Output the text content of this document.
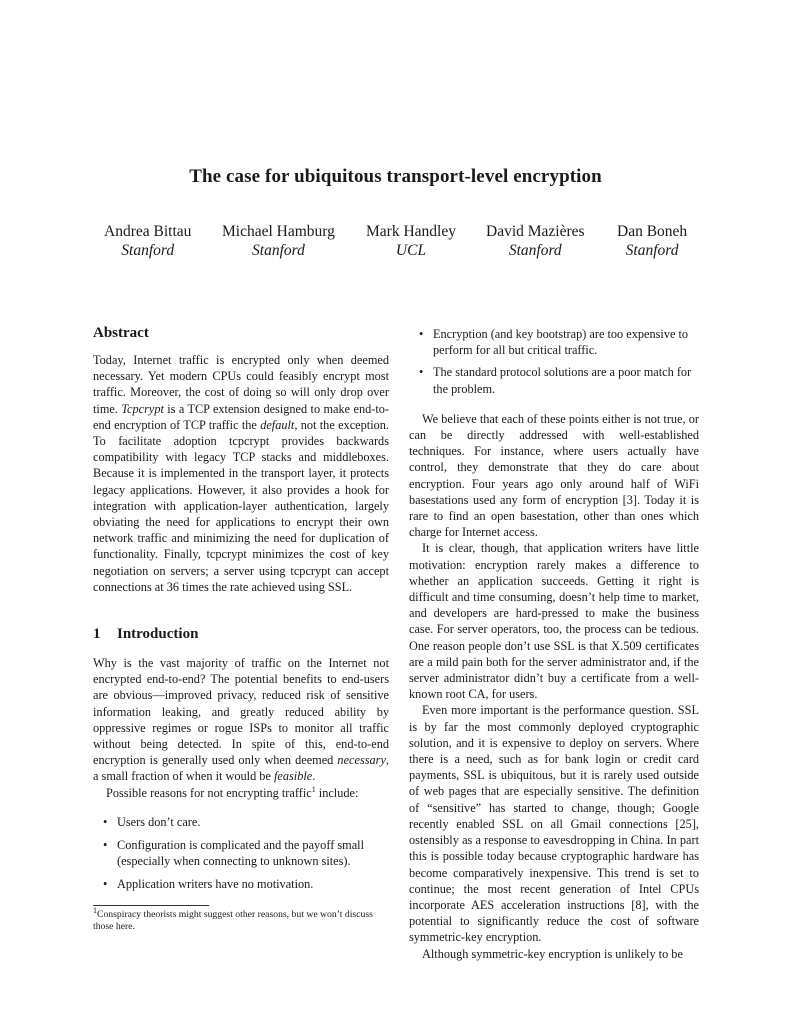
The case for ubiquitous transport-level encryption
Andrea Bittau
Stanford
Michael Hamburg
Stanford
Mark Handley
UCL
David Mazières
Stanford
Dan Boneh
Stanford
Abstract

Today, Internet traffic is encrypted only when deemed necessary. Yet modern CPUs could feasibly encrypt most traffic. Moreover, the cost of doing so will only drop over time. Tcpcrypt is a TCP extension designed to make end-to-end encryption of TCP traffic the default, not the exception. To facilitate adoption tcpcrypt provides backwards compatibility with legacy TCP stacks and middleboxes. Because it is implemented in the transport layer, it protects legacy applications. However, it also provides a hook for integration with application-layer authentication, largely obviating the need for applications to encrypt their own network traffic and minimizing the need for duplication of functionality. Finally, tcpcrypt minimizes the cost of key negotiation on servers; a server using tcpcrypt can accept connections at 36 times the rate achieved using SSL.

1 Introduction

Why is the vast majority of traffic on the Internet not encrypted end-to-end? The potential benefits to end-users are obvious—improved privacy, reduced risk of sensitive information leaking, and greatly reduced ability by oppressive regimes or rogue ISPs to monitor all traffic without being detected. In spite of this, end-to-end encryption is generally used only when deemed necessary, a small fraction of when it would be feasible.

Possible reasons for not encrypting traffic$^1$ include:

• Users don’t care.
• Configuration is complicated and the payoff small (especially when connecting to unknown sites).
• Application writers have no motivation.
$^1$Conspiracy theorists might suggest other reasons, but we won’t discuss those here.
• Encryption (and key bootstrap) are too expensive to perform for all but critical traffic.
• The standard protocol solutions are a poor match for the problem.

We believe that each of these points either is not true, or can be directly addressed with well-established techniques. For instance, where users actually have control, they demonstrate that they do care about encryption. Four years ago only around half of WiFi basestations used any form of encryption [3]. Today it is rare to find an open basestation, other than ones which charge for Internet access.

It is clear, though, that application writers have little motivation: encryption rarely makes a difference to whether an application succeeds. Getting it right is difficult and time consuming, doesn’t help time to market, and developers are hard-pressed to make the business case. For server operators, too, the process can be tedious. One reason people don’t use SSL is that X.509 certificates are a mild pain both for the server administrator and, if the server administrator didn’t buy a certificate from a well-known root CA, for users.

Even more important is the performance question. SSL is by far the most commonly deployed cryptographic solution, and it is expensive to deploy on servers. Where there is a need, such as for bank login or credit card payments, SSL is ubiquitous, but it is rarely used outside of web pages that are especially sensitive. The definition of “sensitive” has started to change, though; Google recently enabled SSL on all Gmail connections [25], ostensibly as a response to eavesdropping in China. In part this is possible today because cryptographic hardware has become comparatively inexpensive. This trend is set to continue; the most recent generation of Intel CPUs incorporate AES acceleration instructions [8], with the potential to significantly reduce the cost of software symmetric-key encryption.

Although symmetric-key encryption is unlikely to be
